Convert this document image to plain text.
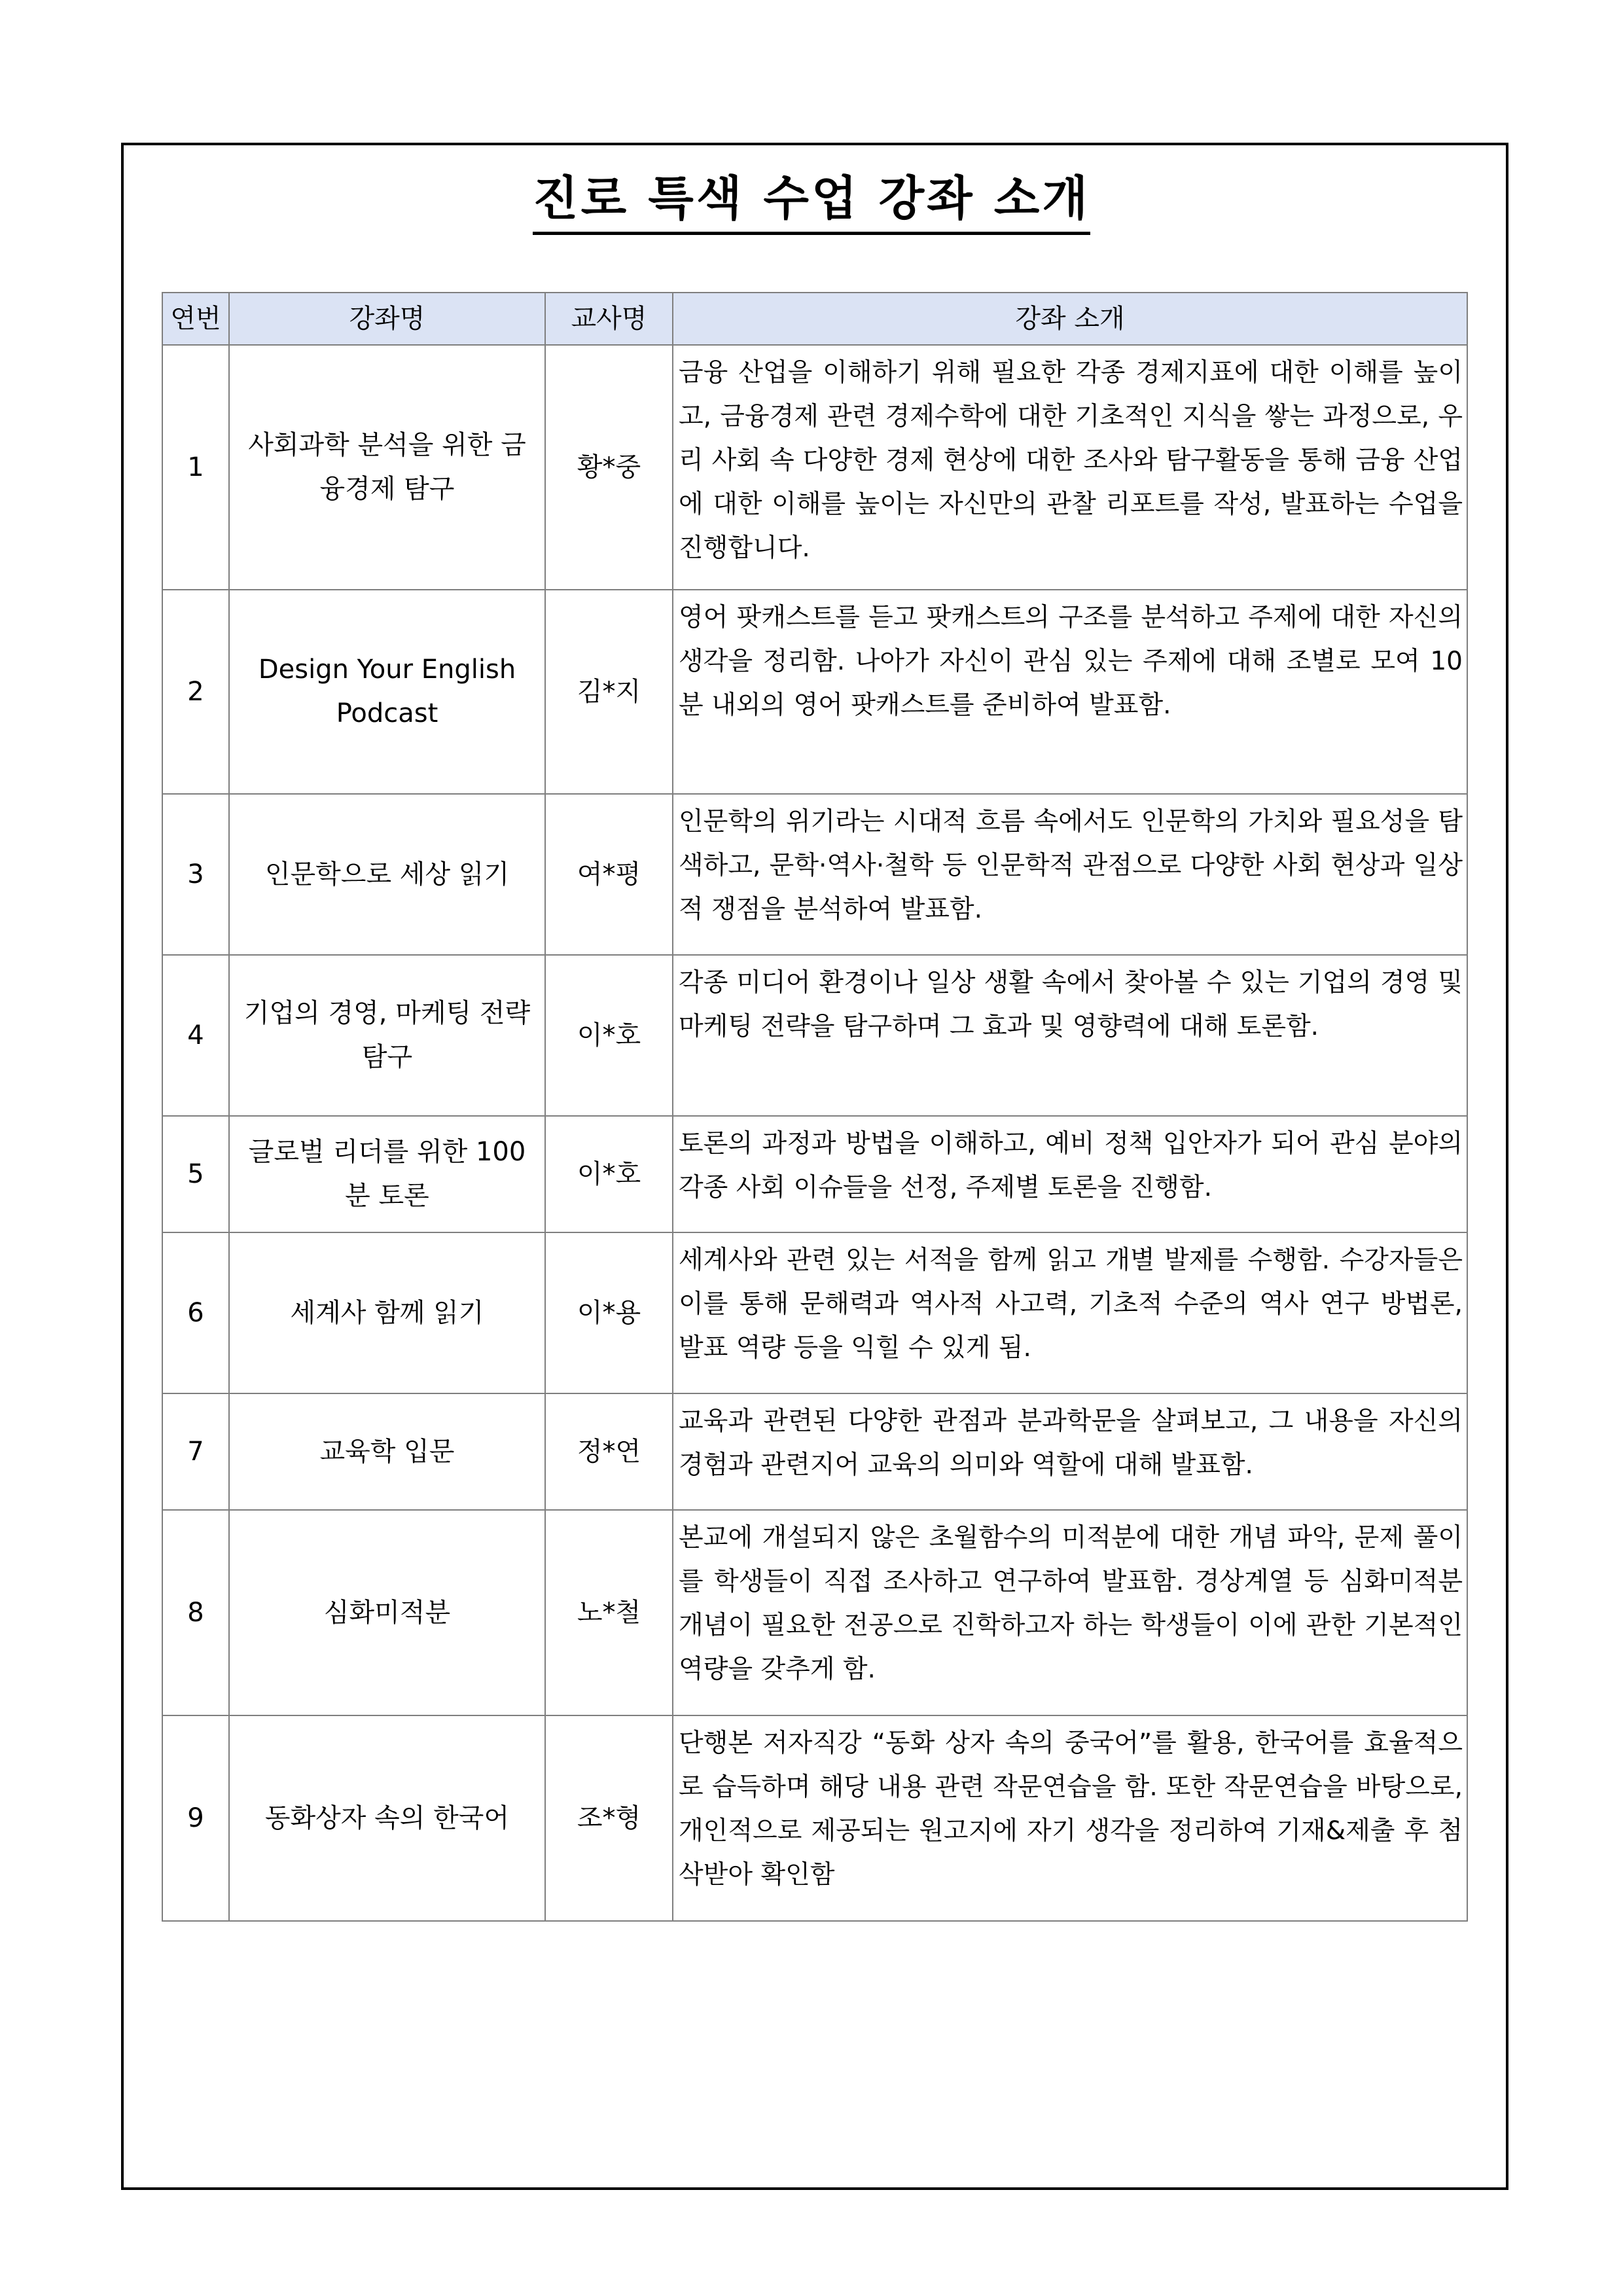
진로 특색 수업 강좌 소개
연번	강좌명	교사명	강좌 소개
1	사회과학 분석을 위한 금융경제 탐구	황*중	금융 산업을 이해하기 위해 필요한 각종 경제지표에 대한 이해를 높이고, 금융경제 관련 경제수학에 대한 기초적인 지식을 쌓는 과정으로, 우리 사회 속 다양한 경제 현상에 대한 조사와 탐구활동을 통해 금융 산업에 대한 이해를 높이는 자신만의 관찰 리포트를 작성, 발표하는 수업을 진행합니다.
2	Design Your English Podcast	김*지	영어 팟캐스트를 듣고 팟캐스트의 구조를 분석하고 주제에 대한 자신의 생각을 정리함. 나아가 자신이 관심 있는 주제에 대해 조별로 모여 10분 내외의 영어 팟캐스트를 준비하여 발표함.
3	인문학으로 세상 읽기	여*평	인문학의 위기라는 시대적 흐름 속에서도 인문학의 가치와 필요성을 탐색하고, 문학·역사·철학 등 인문학적 관점으로 다양한 사회 현상과 일상적 쟁점을 분석하여 발표함.
4	기업의 경영, 마케팅 전략 탐구	이*호	각종 미디어 환경이나 일상 생활 속에서 찾아볼 수 있는 기업의 경영 및 마케팅 전략을 탐구하며 그 효과 및 영향력에 대해 토론함.
5	글로벌 리더를 위한 100분 토론	이*호	토론의 과정과 방법을 이해하고, 예비 정책 입안자가 되어 관심 분야의 각종 사회 이슈들을 선정, 주제별 토론을 진행함.
6	세계사 함께 읽기	이*용	세계사와 관련 있는 서적을 함께 읽고 개별 발제를 수행함. 수강자들은 이를 통해 문해력과 역사적 사고력, 기초적 수준의 역사 연구 방법론, 발표 역량 등을 익힐 수 있게 됨.
7	교육학 입문	정*연	교육과 관련된 다양한 관점과 분과학문을 살펴보고, 그 내용을 자신의 경험과 관련지어 교육의 의미와 역할에 대해 발표함.
8	심화미적분	노*철	본교에 개설되지 않은 초월함수의 미적분에 대한 개념 파악, 문제 풀이를 학생들이 직접 조사하고 연구하여 발표함. 경상계열 등 심화미적분 개념이 필요한 전공으로 진학하고자 하는 학생들이 이에 관한 기본적인 역량을 갖추게 함.
9	동화상자 속의 한국어	조*형	단행본 저자직강 “동화 상자 속의 중국어”를 활용, 한국어를 효율적으로 습득하며 해당 내용 관련 작문연습을 함. 또한 작문연습을 바탕으로, 개인적으로 제공되는 원고지에 자기 생각을 정리하여 기재&제출 후 첨삭받아 확인함
